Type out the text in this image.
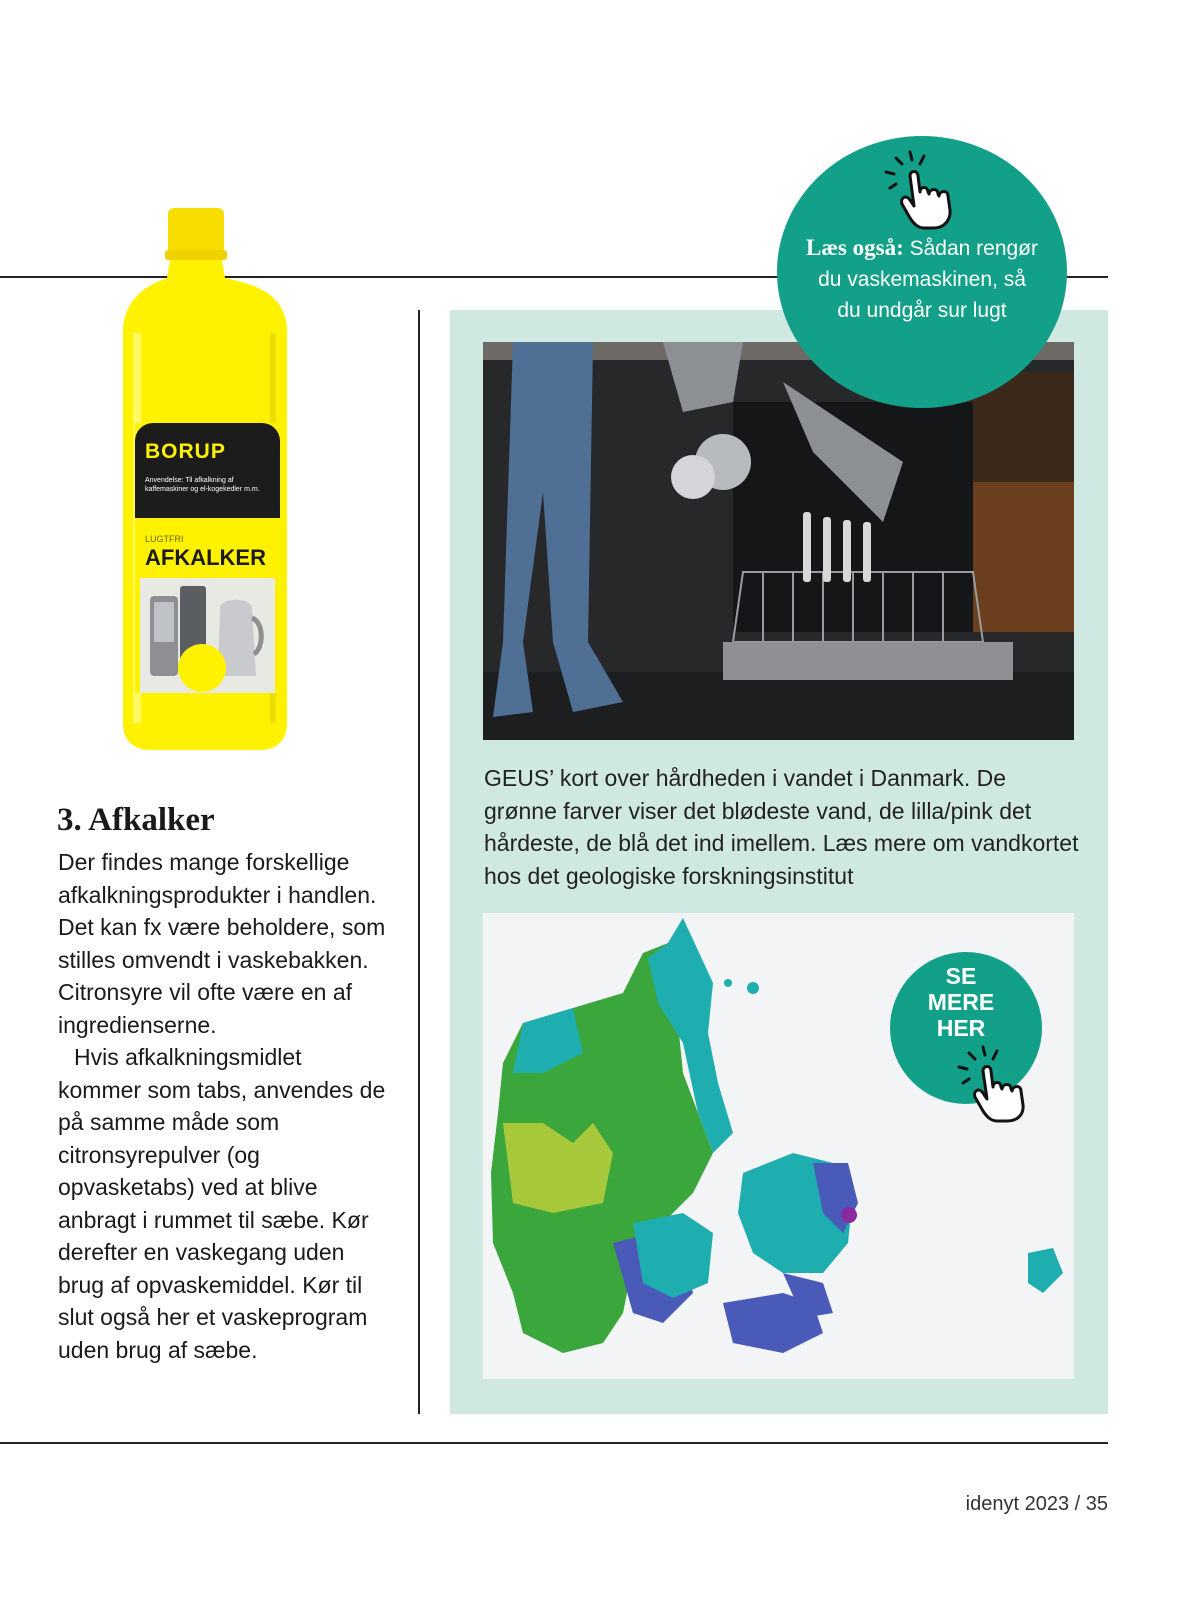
BORUP
Anvendelse: Til afkalkning af kaffemaskiner og el-kogekedler m.m.
LUGTFRI
AFKALKER
3. Afkalker

Der findes mange forskellige afkalkningsprodukter i handlen. Det kan fx være beholdere, som stilles omvendt i vaskebakken. Citronsyre vil ofte være en af ingredienserne.

Hvis afkalkningsmidlet kommer som tabs, anvendes de på samme måde som citronsyrepulver (og opvasketabs) ved at blive anbragt i rummet til sæbe. Kør derefter en vaskegang uden brug af opvaskemiddel. Kør til slut også her et vaskeprogram uden brug af sæbe.

GEUS’ kort over hårdheden i vandet i Danmark. De grønne farver viser det blødeste vand, de lilla/pink det hårdeste, de blå det ind imellem. Læs mere om vandkortet hos det geologiske forskningsinstitut
Læs også: Sådan rengør du vaskemaskinen, så du undgår sur lugt
SE
MERE
HER
idenyt 2023 / 35
